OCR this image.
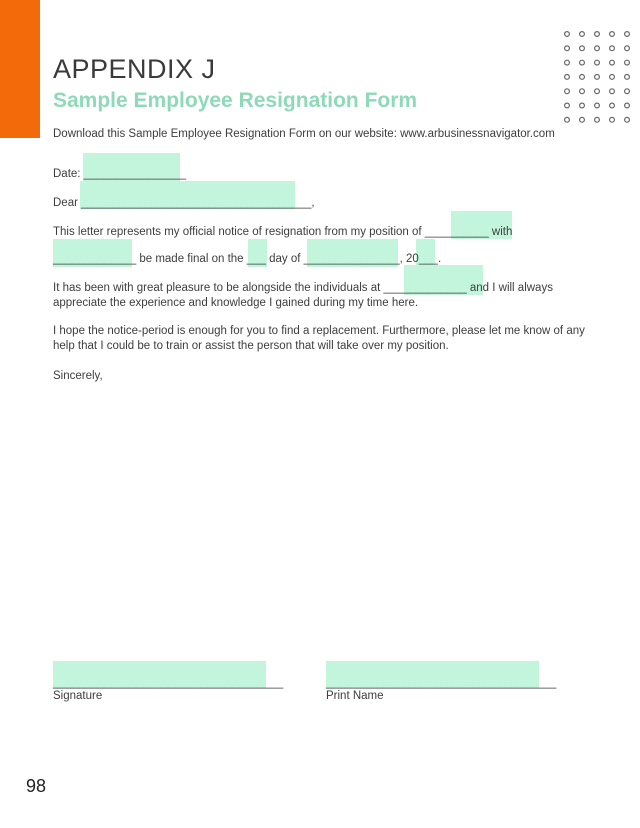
APPENDIX J
Sample Employee Resignation Form

Download this Sample Employee Resignation Form on our website: www.arbusinessnavigator.com

Date: ________________

Dear ____________________________________,

This letter represents my official notice of resignation from my position of __________ with

_____________ be made final on the ___ day of _______________, 20___.

It has been with great pleasure to be alongside the individuals at _____________ and I will always appreciate the experience and knowledge I gained during my time here.

I hope the notice-period is enough for you to find a replacement. Furthermore, please let me know of any help that I could be to train or assist the person that will take over my position.

Sincerely,

____________________________________

Signature

____________________________________

Print Name
98
